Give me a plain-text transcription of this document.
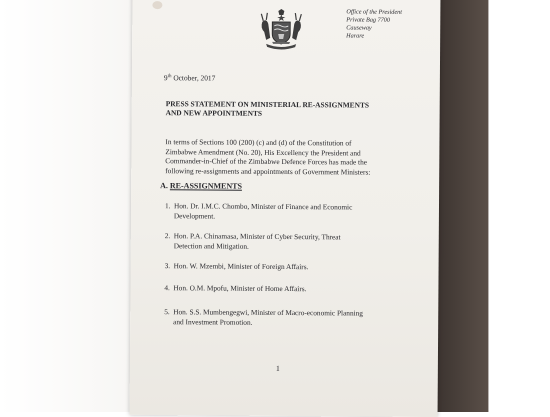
Office of the President
Private Bag 7700
Causeway
Harare
9th October, 2017
PRESS STATEMENT ON MINISTERIAL RE-ASSIGNMENTS
AND NEW APPOINTMENTS
In terms of Sections 100 (200) (c) and (d) of the Constitution of
Zimbabwe Amendment (No. 20), His Excellency the President and
Commander-in-Chief of the Zimbabwe Defence Forces has made the
following re-assignments and appointments of Government Ministers:
A. RE-ASSIGNMENTS
1. Hon. Dr. I.M.C. Chombo, Minister of Finance and Economic
Development.
2. Hon. P.A. Chinamasa, Minister of Cyber Security, Threat
Detection and Mitigation.
3. Hon. W. Mzembi, Minister of Foreign Affairs.
4. Hon. O.M. Mpofu, Minister of Home Affairs.
5. Hon. S.S. Mumbengegwi, Minister of Macro-economic Planning
and Investment Promotion.
1
